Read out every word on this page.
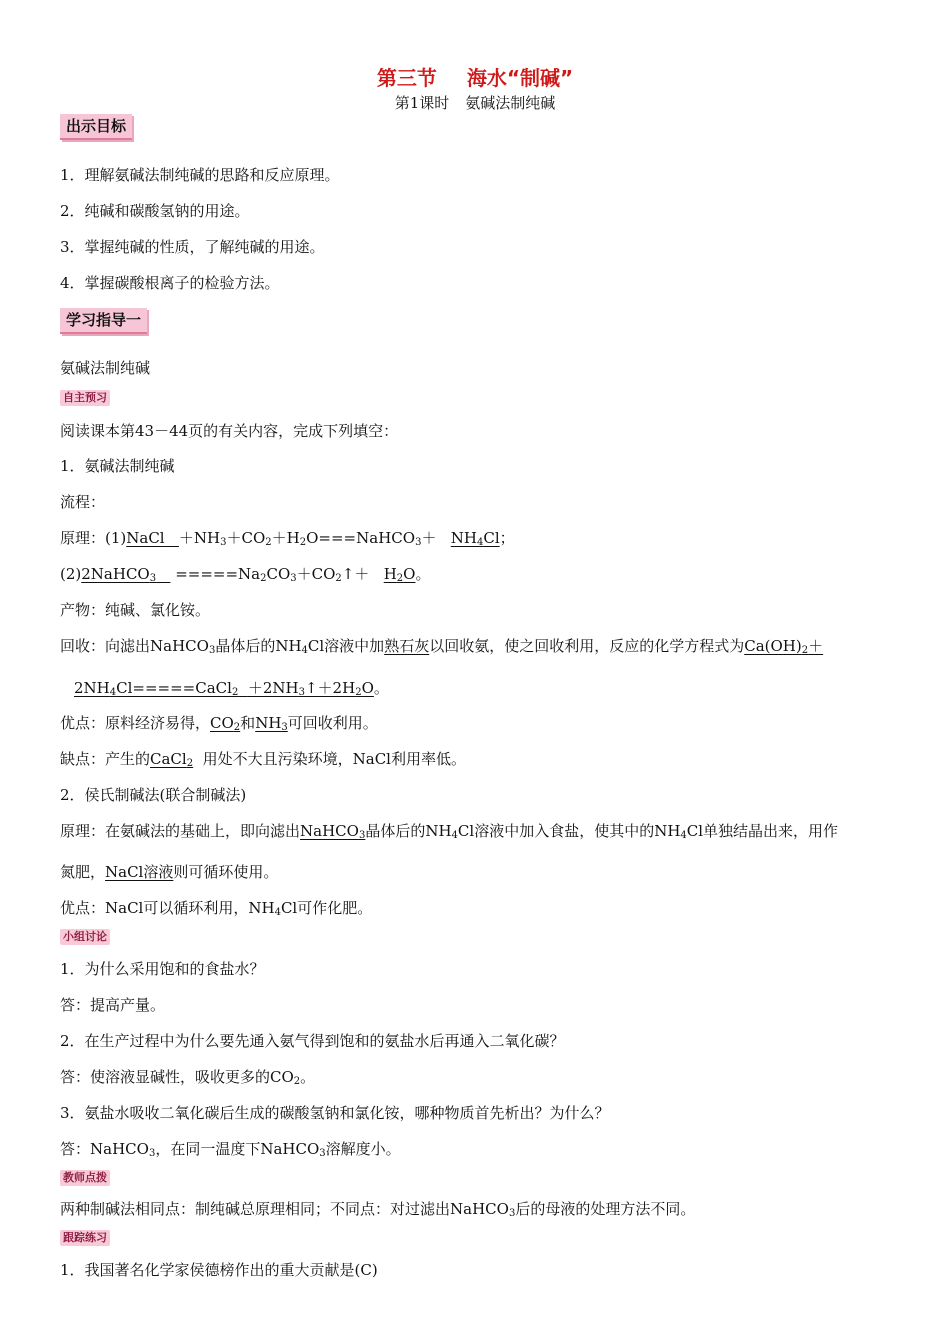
第三节 海水“制碱”
第1课时 氨碱法制纯碱
出示目标
1．理解氨碱法制纯碱的思路和反应原理。
2．纯碱和碳酸氢钠的用途。
3．掌握纯碱的性质，了解纯碱的用途。
4．掌握碳酸根离子的检验方法。
学习指导一
氨碱法制纯碱
自主预习
阅读课本第43－44页的有关内容，完成下列填空：
1．氨碱法制纯碱
流程：
原理：(1)NaCl $+NH_3+CO_2+H_2O===NaHCO_3+ NH_4Cl$；
(2)2NaHCO$_3$ $=====Na_2CO_3+CO_2↑+ H_2O$。
产物：纯碱、氯化铵。
回收：向滤出NaHCO$_3$晶体后的$NH_4Cl$溶液中加熟石灰以回收氨，使之回收利用，反应的化学方程式为$Ca(OH)_2+$
$2NH_4Cl=====CaCl_2$ $+2NH_3↑+2H_2O$。
优点：原料经济易得，$CO_2$和$NH_3$可回收利用。
缺点：产生的CaCl$_2$ 用处不大且污染环境，NaCl利用率低。
2．侯氏制碱法(联合制碱法)
原理：在氨碱法的基础上，即向滤出NaHCO$_3$晶体后的$NH_4Cl$溶液中加入食盐，使其中的$NH_4Cl$单独结晶出来，用作
氮肥，NaCl溶液则可循环使用。
优点：NaCl可以循环利用，$NH_4Cl$可作化肥。
小组讨论
1．为什么采用饱和的食盐水？
答：提高产量。
2．在生产过程中为什么要先通入氨气得到饱和的氨盐水后再通入二氧化碳？
答：使溶液显碱性，吸收更多的$CO_2$。
3．氨盐水吸收二氧化碳后生成的碳酸氢钠和氯化铵，哪种物质首先析出？为什么？
答：NaHCO$_3$，在同一温度下NaHCO$_3$溶解度小。
教师点拨
两种制碱法相同点：制纯碱总原理相同；不同点：对过滤出NaHCO$_3$后的母液的处理方法不同。
跟踪练习
1．我国著名化学家侯德榜作出的重大贡献是(C)
